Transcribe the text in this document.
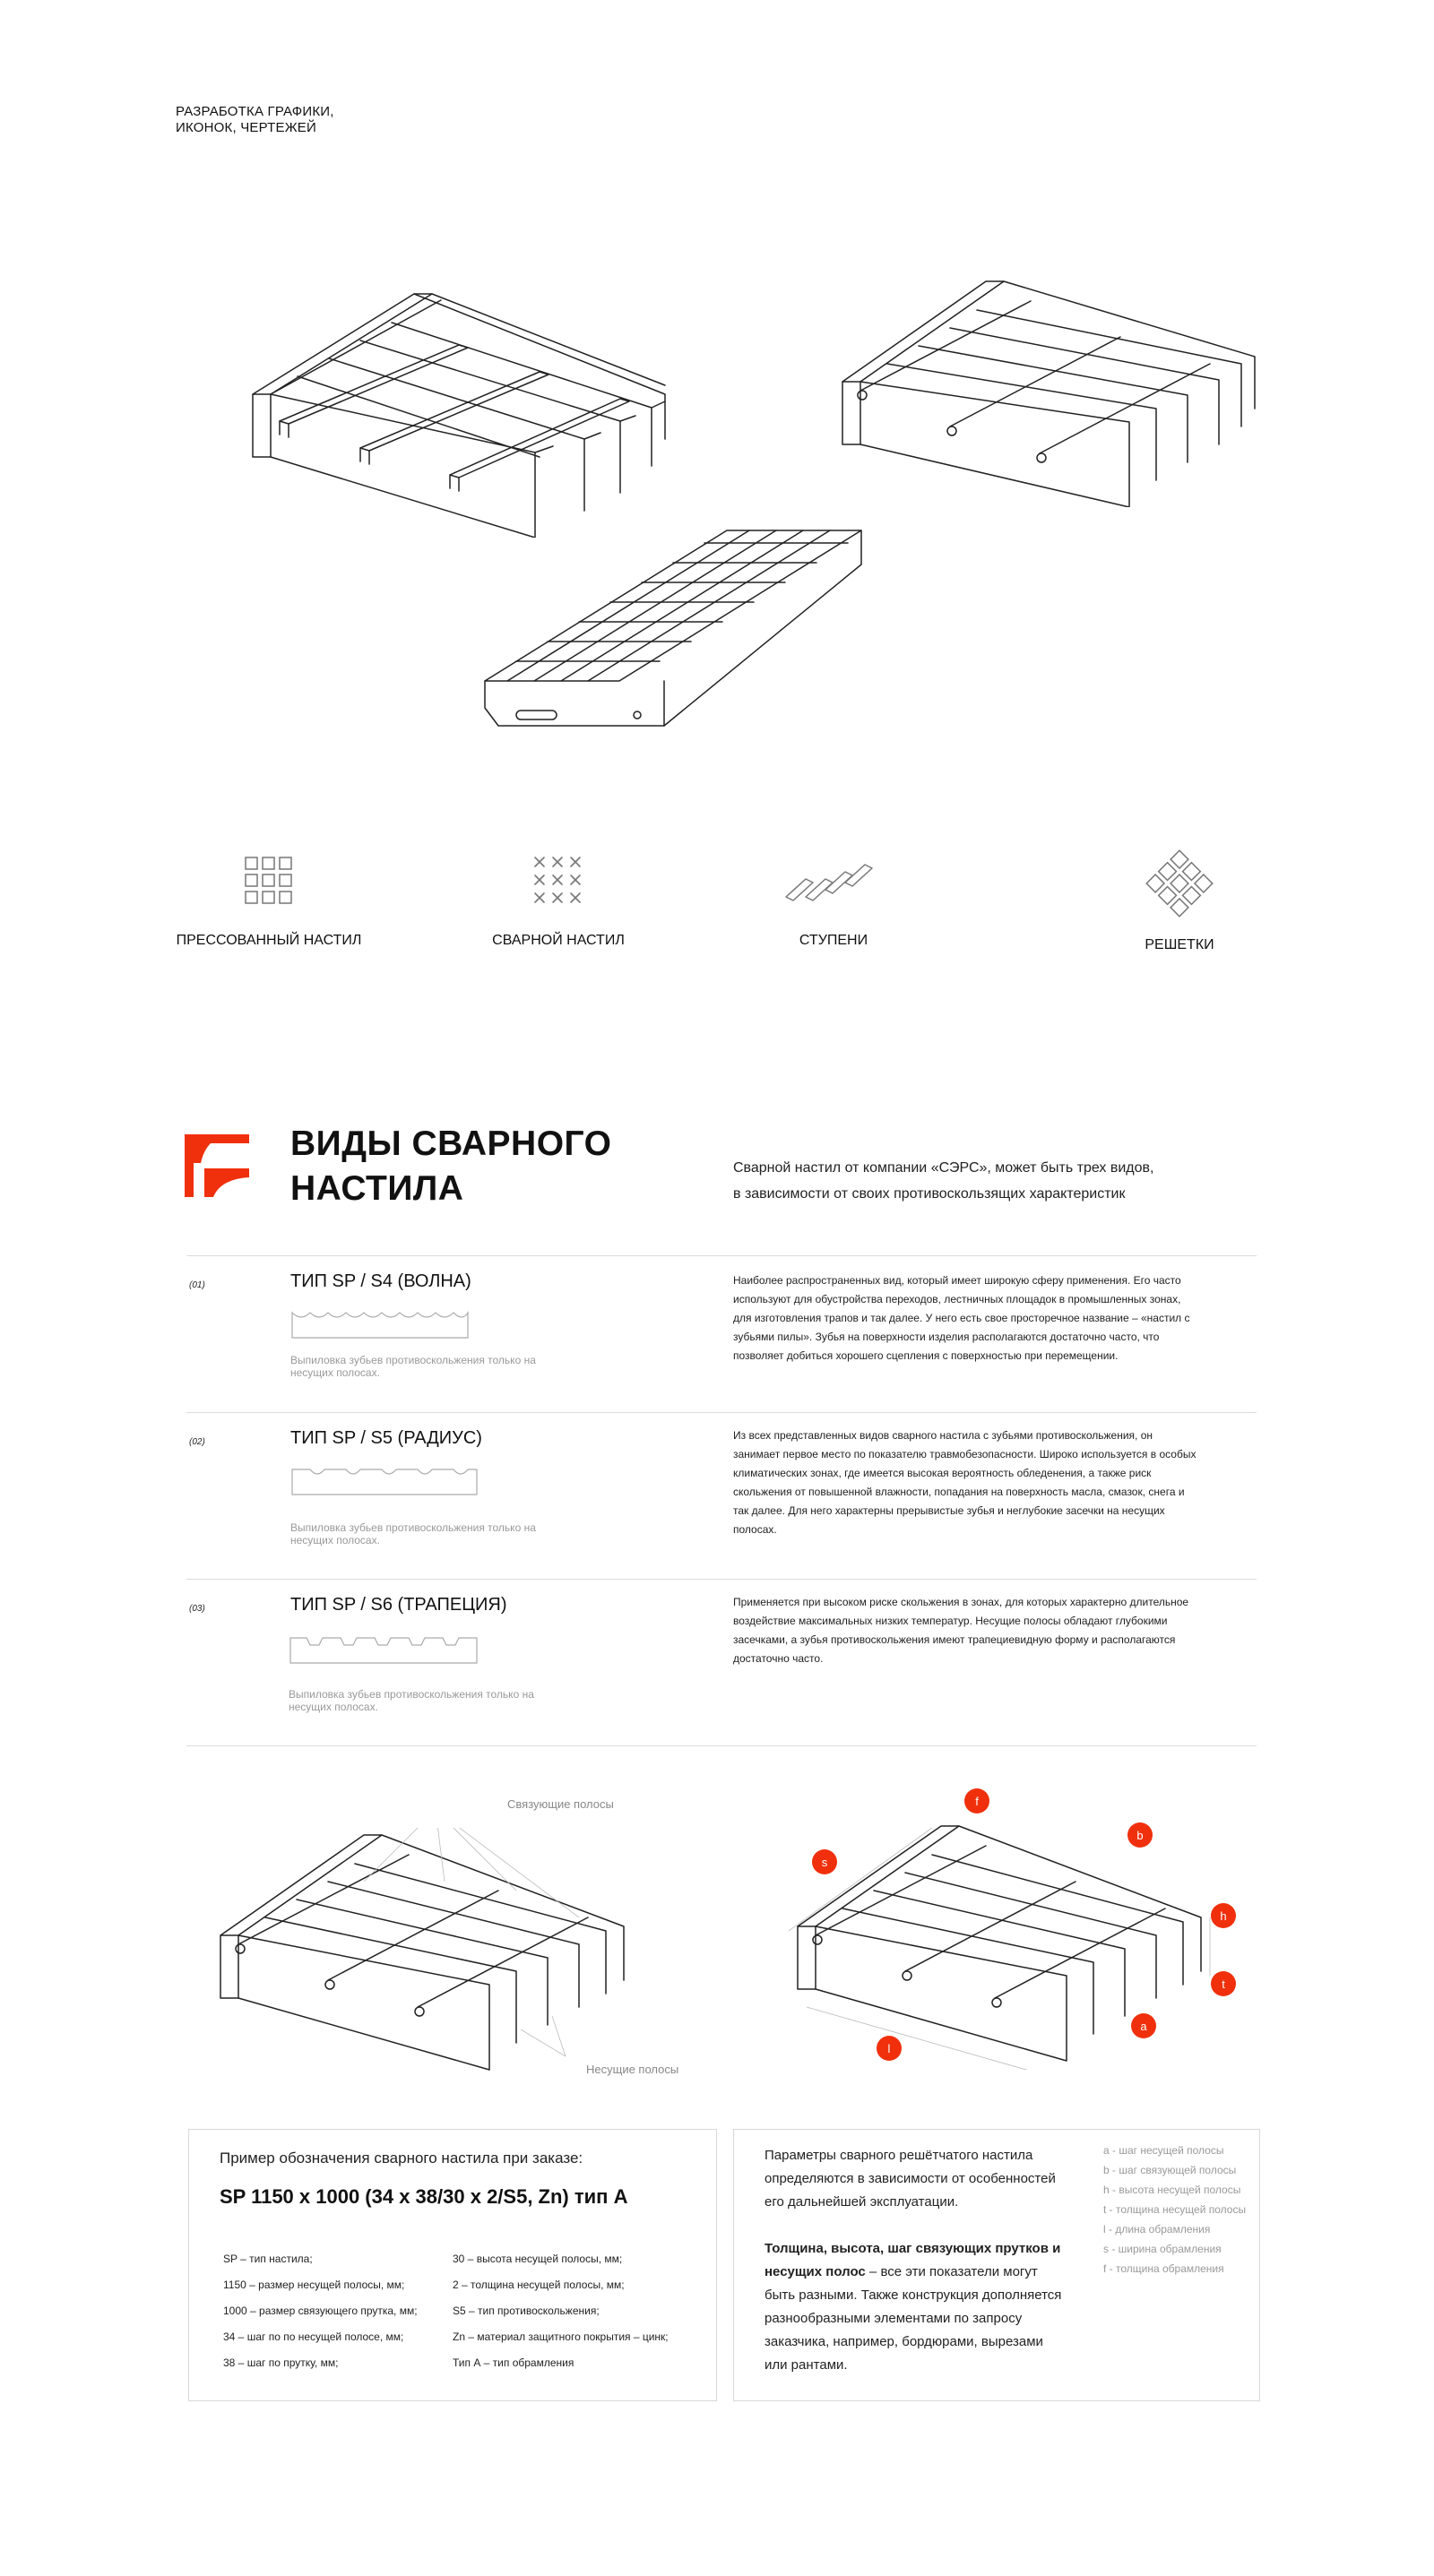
РАЗРАБОТКА ГРАФИКИ,
ИКОНОК, ЧЕРТЕЖЕЙ
ПРЕССОВАННЫЙ НАСТИЛ	СВАРНОЙ НАСТИЛ	СТУПЕНИ	РЕШЕТКИ
ВИДЫ СВАРНОГО
НАСТИЛА
Сварной настил от компании «СЭРС», может быть трех видов,
в зависимости от своих противоскользящих характеристик
(01)	ТИП SP / S4 (ВОЛНА)
Выпиловка зубьев противоскольжения только на несущих полосах.
Наиболее распространенных вид, который имеет широкую сферу применения. Его часто используют для обустройства переходов, лестничных площадок в промышленных зонах, для изготовления трапов и так далее. У него есть свое просторечное название – «настил с зубьями пилы». Зубья на поверхности изделия располагаются достаточно часто, что позволяет добиться хорошего сцепления с поверхностью при перемещении.
(02)	ТИП SP / S5 (РАДИУС)
Выпиловка зубьев противоскольжения только на несущих полосах.
Из всех представленных видов сварного настила с зубьями противоскольжения, он занимает первое место по показателю травмобезопасности. Широко используется в особых климатических зонах, где имеется высокая вероятность обледенения, а также риск скольжения от повышенной влажности, попадания на поверхность масла, смазок, снега и так далее. Для него характерны прерывистые зубья и неглубокие засечки на несущих полосах.
(03)	ТИП SP / S6 (ТРАПЕЦИЯ)
Выпиловка зубьев противоскольжения только на несущих полосах.
Применяется при высоком риске скольжения в зонах, для которых характерно длительное воздействие максимальных низких температур. Несущие полосы обладают глубокими засечками, а зубья противоскольжения имеют трапециевидную форму и располагаются достаточно часто.
Связующие полосы
Несущие полосы
f
b
s
h
t
a
l
Пример обозначения сварного настила при заказе:
SP 1150 x 1000 (34 x 38/30 x 2/S5, Zn) тип А
SP – тип настила;
1150 – размер несущей полосы, мм;
1000 – размер связующего прутка, мм;
34 – шаг по по несущей полосе, мм;
38 – шаг по прутку, мм;
30 – высота несущей полосы, мм;
2 – толщина несущей полосы, мм;
S5 – тип противоскольжения;
Zn – материал защитного покрытия – цинк;
Тип А – тип обрамления

Параметры сварного решётчатого настила определяются в зависимости от особенностей его дальнейшей эксплуатации.

Толщина, высота, шаг связующих прутков и несущих полос – все эти показатели могут быть разными. Также конструкция дополняется разнообразными элементами по запросу заказчика, например, бордюрами, вырезами или рантами.

a - шаг несущей полосы
b - шаг связующей полосы
h - высота несущей полосы
t - толщина несущей полосы
l - длина обрамления
s - ширина обрамления
f - толщина обрамления
